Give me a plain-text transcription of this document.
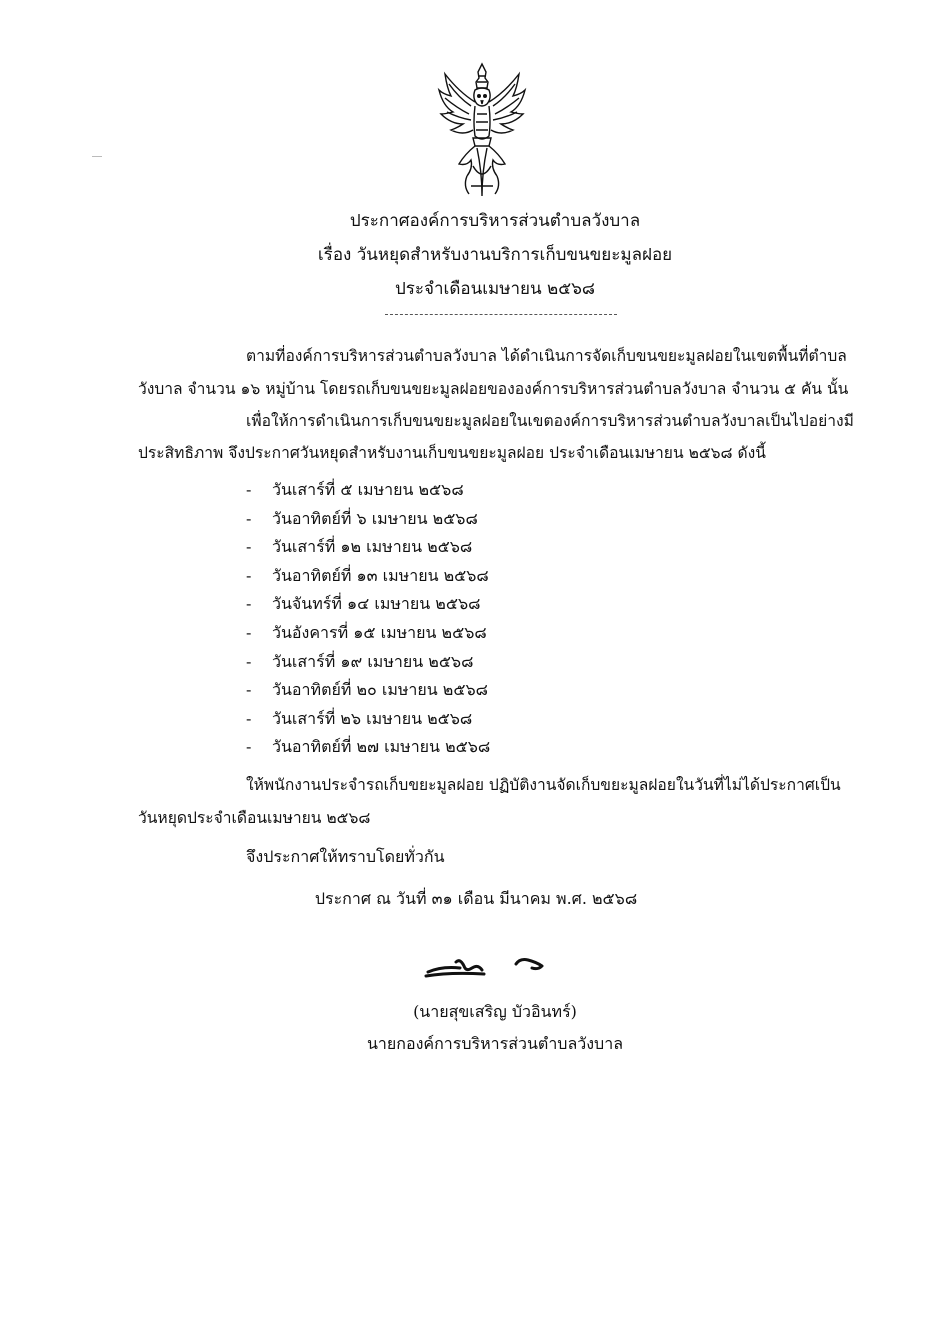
ประกาศองค์การบริหารส่วนตำบลวังบาล
เรื่อง วันหยุดสำหรับงานบริการเก็บขนขยะมูลฝอย
ประจำเดือนเมษายน ๒๕๖๘
ตามที่องค์การบริหารส่วนตำบลวังบาล ได้ดำเนินการจัดเก็บขนขยะมูลฝอยในเขตพื้นที่ตำบล
วังบาล จำนวน ๑๖ หมู่บ้าน โดยรถเก็บขนขยะมูลฝอยขององค์การบริหารส่วนตำบลวังบาล จำนวน ๕ คัน นั้น
เพื่อให้การดำเนินการเก็บขนขยะมูลฝอยในเขตองค์การบริหารส่วนตำบลวังบาลเป็นไปอย่างมี
ประสิทธิภาพ จึงประกาศวันหยุดสำหรับงานเก็บขนขยะมูลฝอย ประจำเดือนเมษายน ๒๕๖๘ ดังนี้
- วันเสาร์ที่ ๕ เมษายน ๒๕๖๘
- วันอาทิตย์ที่ ๖ เมษายน ๒๕๖๘
- วันเสาร์ที่ ๑๒ เมษายน ๒๕๖๘
- วันอาทิตย์ที่ ๑๓ เมษายน ๒๕๖๘
- วันจันทร์ที่ ๑๔ เมษายน ๒๕๖๘
- วันอังคารที่ ๑๕ เมษายน ๒๕๖๘
- วันเสาร์ที่ ๑๙ เมษายน ๒๕๖๘
- วันอาทิตย์ที่ ๒๐ เมษายน ๒๕๖๘
- วันเสาร์ที่ ๒๖ เมษายน ๒๕๖๘
- วันอาทิตย์ที่ ๒๗ เมษายน ๒๕๖๘
ให้พนักงานประจำรถเก็บขยะมูลฝอย ปฏิบัติงานจัดเก็บขยะมูลฝอยในวันที่ไม่ได้ประกาศเป็น
วันหยุดประจำเดือนเมษายน ๒๕๖๘
จึงประกาศให้ทราบโดยทั่วกัน
ประกาศ ณ วันที่ ๓๑ เดือน มีนาคม พ.ศ. ๒๕๖๘
(นายสุขเสริญ บัวอินทร์)
นายกองค์การบริหารส่วนตำบลวังบาล
